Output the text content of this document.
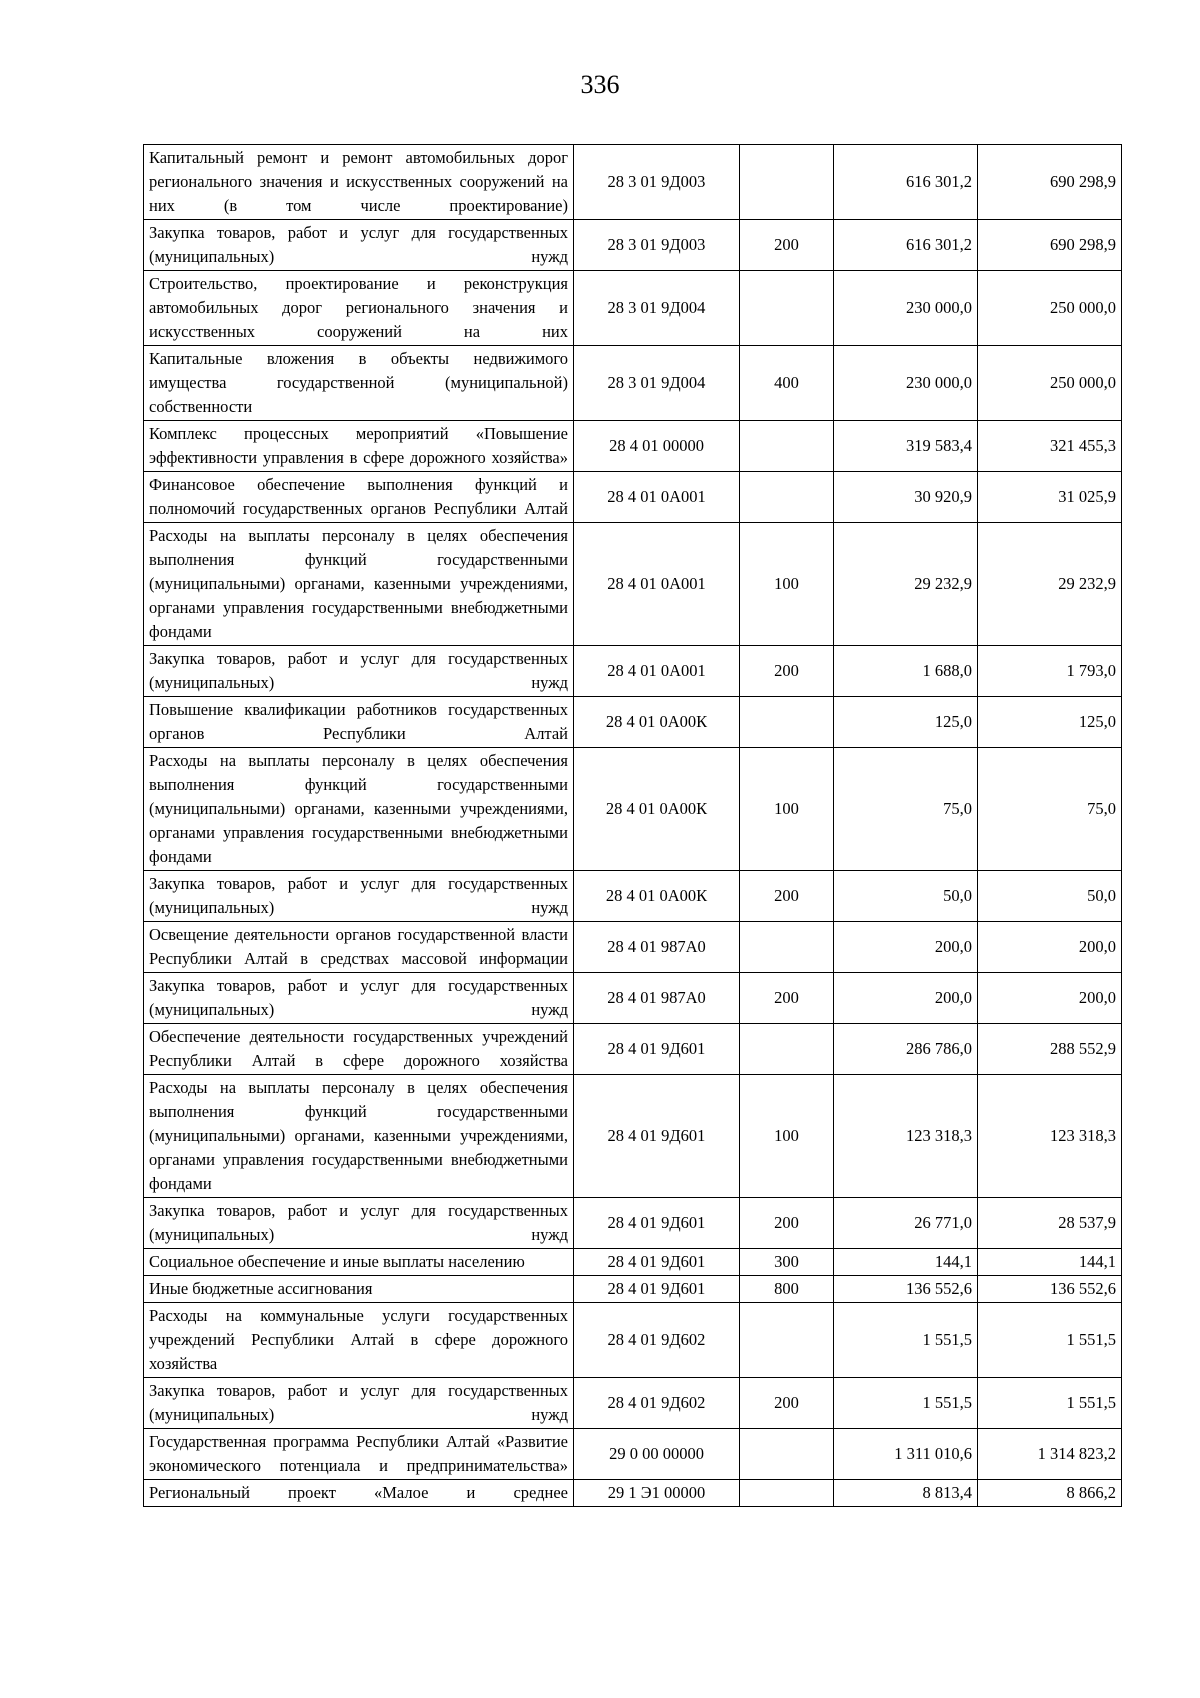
336
Капитальный ремонт и ремонт автомобильных дорог регионального значения и искусственных сооружений на них (в том числе проектирование)	28 3 01 9Д003		616 301,2	690 298,9
Закупка товаров, работ и услуг для государственных (муниципальных) нужд	28 3 01 9Д003	200	616 301,2	690 298,9
Строительство, проектирование и реконструкция автомобильных дорог регионального значения и искусственных сооружений на них	28 3 01 9Д004		230 000,0	250 000,0
Капитальные вложения в объекты недвижимого имущества государственной (муниципальной) собственности	28 3 01 9Д004	400	230 000,0	250 000,0
Комплекс процессных мероприятий «Повышение эффективности управления в сфере дорожного хозяйства»	28 4 01 00000		319 583,4	321 455,3
Финансовое обеспечение выполнения функций и полномочий государственных органов Республики Алтай	28 4 01 0А001		30 920,9	31 025,9
Расходы на выплаты персоналу в целях обеспечения выполнения функций государственными (муниципальными) органами, казенными учреждениями, органами управления государственными внебюджетными фондами	28 4 01 0А001	100	29 232,9	29 232,9
Закупка товаров, работ и услуг для государственных (муниципальных) нужд	28 4 01 0А001	200	1 688,0	1 793,0
Повышение квалификации работников государственных органов Республики Алтай	28 4 01 0А00К		125,0	125,0
Расходы на выплаты персоналу в целях обеспечения выполнения функций государственными (муниципальными) органами, казенными учреждениями, органами управления государственными внебюджетными фондами	28 4 01 0А00К	100	75,0	75,0
Закупка товаров, работ и услуг для государственных (муниципальных) нужд	28 4 01 0А00К	200	50,0	50,0
Освещение деятельности органов государственной власти Республики Алтай в средствах массовой информации	28 4 01 987А0		200,0	200,0
Закупка товаров, работ и услуг для государственных (муниципальных) нужд	28 4 01 987А0	200	200,0	200,0
Обеспечение деятельности государственных учреждений Республики Алтай в сфере дорожного хозяйства	28 4 01 9Д601		286 786,0	288 552,9
Расходы на выплаты персоналу в целях обеспечения выполнения функций государственными (муниципальными) органами, казенными учреждениями, органами управления государственными внебюджетными фондами	28 4 01 9Д601	100	123 318,3	123 318,3
Закупка товаров, работ и услуг для государственных (муниципальных) нужд	28 4 01 9Д601	200	26 771,0	28 537,9
Социальное обеспечение и иные выплаты населению	28 4 01 9Д601	300	144,1	144,1
Иные бюджетные ассигнования	28 4 01 9Д601	800	136 552,6	136 552,6
Расходы на коммунальные услуги государственных учреждений Республики Алтай в сфере дорожного хозяйства	28 4 01 9Д602		1 551,5	1 551,5
Закупка товаров, работ и услуг для государственных (муниципальных) нужд	28 4 01 9Д602	200	1 551,5	1 551,5
Государственная программа Республики Алтай «Развитие экономического потенциала и предпринимательства»	29 0 00 00000		1 311 010,6	1 314 823,2
Региональный проект «Малое и среднее	29 1 Э1 00000		8 813,4	8 866,2
